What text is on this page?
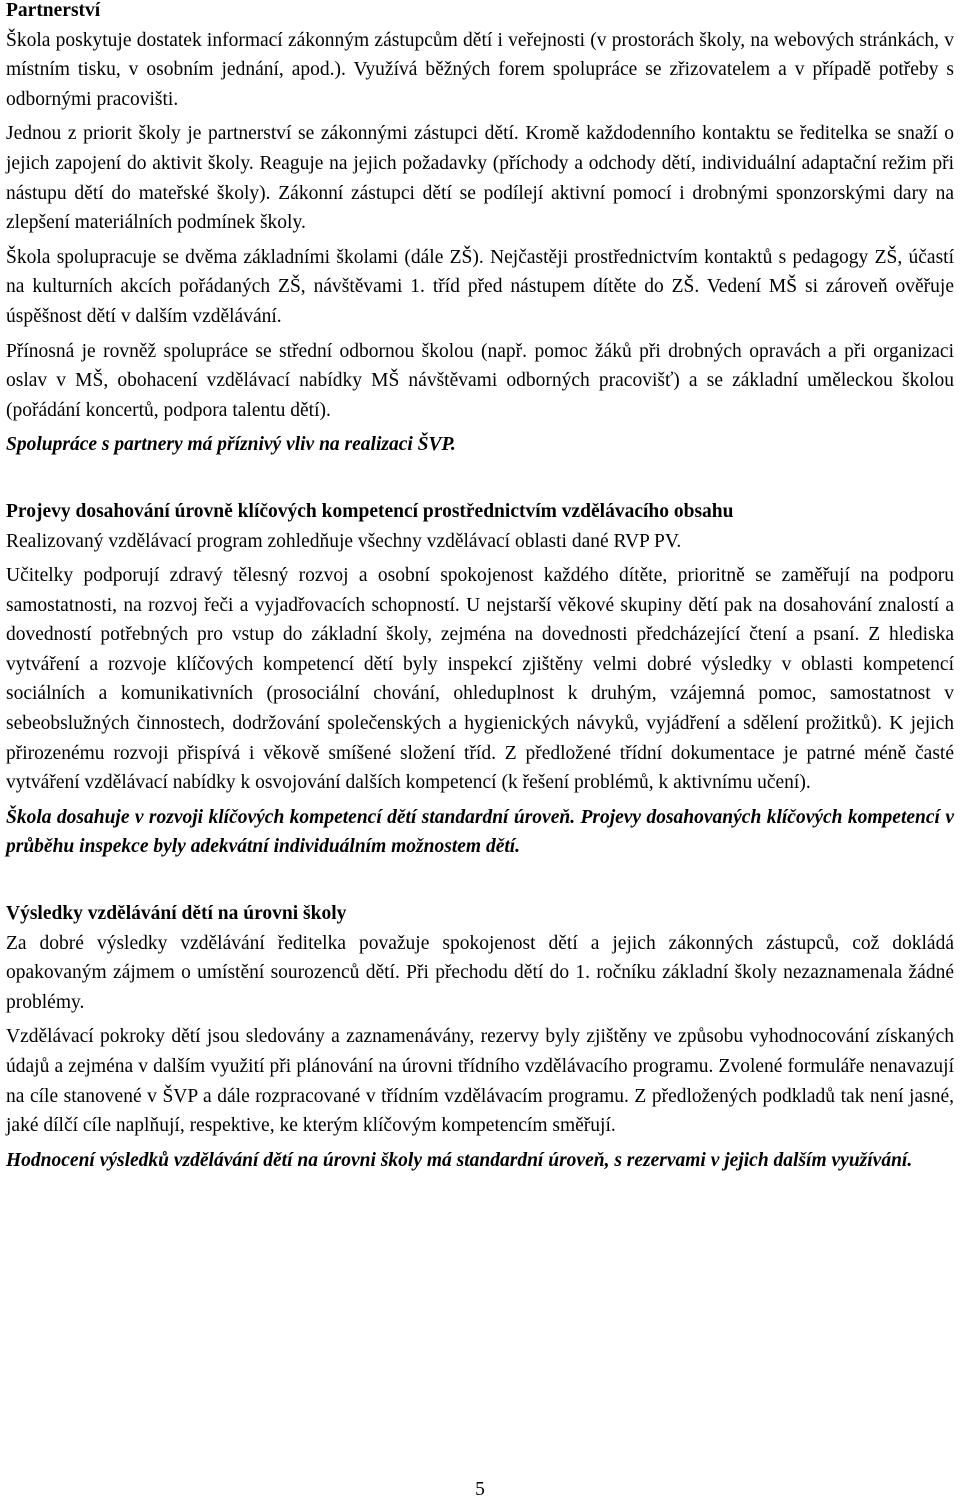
Partnerství

Škola poskytuje dostatek informací zákonným zástupcům dětí i veřejnosti (v prostorách školy, na webových stránkách, v místním tisku, v osobním jednání, apod.). Využívá běžných forem spolupráce se zřizovatelem a v případě potřeby s odbornými pracovišti.

Jednou z priorit školy je partnerství se zákonnými zástupci dětí. Kromě každodenního kontaktu se ředitelka se snaží o jejich zapojení do aktivit školy. Reaguje na jejich požadavky (příchody a odchody dětí, individuální adaptační režim při nástupu dětí do mateřské školy). Zákonní zástupci dětí se podílejí aktivní pomocí i drobnými sponzorskými dary na zlepšení materiálních podmínek školy.

Škola spolupracuje se dvěma základními školami (dále ZŠ). Nejčastěji prostřednictvím kontaktů s pedagogy ZŠ, účastí na kulturních akcích pořádaných ZŠ, návštěvami 1. tříd před nástupem dítěte do ZŠ. Vedení MŠ si zároveň ověřuje úspěšnost dětí v dalším vzdělávání.

Přínosná je rovněž spolupráce se střední odbornou školou (např. pomoc žáků při drobných opravách a při organizaci oslav v MŠ, obohacení vzdělávací nabídky MŠ návštěvami odborných pracovišť) a se základní uměleckou školou (pořádání koncertů, podpora talentu dětí).

Spolupráce s partnery má příznivý vliv na realizaci ŠVP.

Projevy dosahování úrovně klíčových kompetencí prostřednictvím vzdělávacího obsahu

Realizovaný vzdělávací program zohledňuje všechny vzdělávací oblasti dané RVP PV.

Učitelky podporují zdravý tělesný rozvoj a osobní spokojenost každého dítěte, prioritně se zaměřují na podporu samostatnosti, na rozvoj řeči a vyjadřovacích schopností. U nejstarší věkové skupiny dětí pak na dosahování znalostí a dovedností potřebných pro vstup do základní školy, zejména na dovednosti předcházející čtení a psaní. Z hlediska vytváření a rozvoje klíčových kompetencí dětí byly inspekcí zjištěny velmi dobré výsledky v oblasti kompetencí sociálních a komunikativních (prosociální chování, ohleduplnost k druhým, vzájemná pomoc, samostatnost v sebeobslužných činnostech, dodržování společenských a hygienických návyků, vyjádření a sdělení prožitků). K jejich přirozenému rozvoji přispívá i věkově smíšené složení tříd. Z předložené třídní dokumentace je patrné méně časté vytváření vzdělávací nabídky k osvojování dalších kompetencí (k řešení problémů, k aktivnímu učení).

Škola dosahuje v rozvoji klíčových kompetencí dětí standardní úroveň. Projevy dosahovaných klíčových kompetencí v průběhu inspekce byly adekvátní individuálním možnostem dětí.

Výsledky vzdělávání dětí na úrovni školy

Za dobré výsledky vzdělávání ředitelka považuje spokojenost dětí a jejich zákonných zástupců, což dokládá opakovaným zájmem o umístění sourozenců dětí. Při přechodu dětí do 1. ročníku základní školy nezaznamenala žádné problémy.

Vzdělávací pokroky dětí jsou sledovány a zaznamenávány, rezervy byly zjištěny ve způsobu vyhodnocování získaných údajů a zejména v dalším využití při plánování na úrovni třídního vzdělávacího programu. Zvolené formuláře nenavazují na cíle stanovené v ŠVP a dále rozpracované v třídním vzdělávacím programu. Z předložených podkladů tak není jasné, jaké dílčí cíle naplňují, respektive, ke kterým klíčovým kompetencím směřují.

Hodnocení výsledků vzdělávání dětí na úrovni školy má standardní úroveň, s rezervami v jejich dalším využívání.

5
